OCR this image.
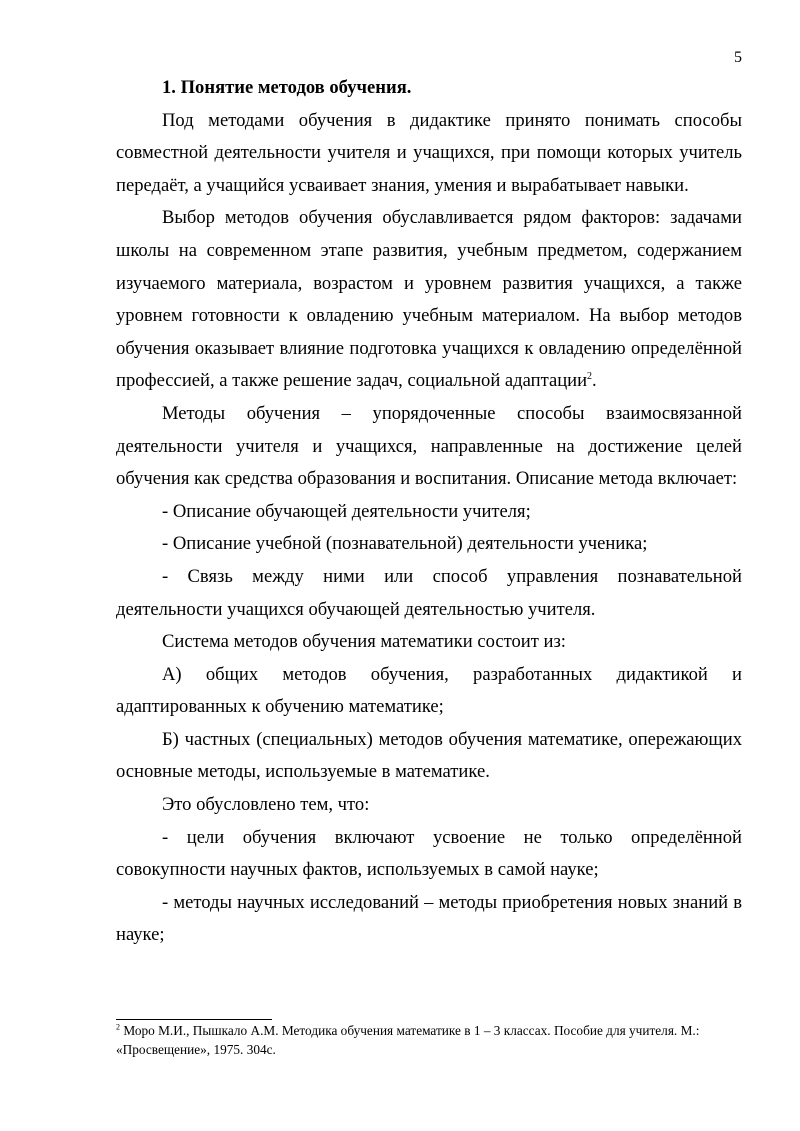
5

1. Понятие методов обучения.

Под методами обучения в дидактике принято понимать способы совместной деятельности учителя и учащихся, при помощи которых учитель передаёт, а учащийся усваивает знания, умения и вырабатывает навыки.

Выбор методов обучения обуславливается рядом факторов: задачами школы на современном этапе развития, учебным предметом, содержанием изучаемого материала, возрастом и уровнем развития учащихся, а также уровнем готовности к овладению учебным материалом. На выбор методов обучения оказывает влияние подготовка учащихся к овладению определённой профессией, а также решение задач, социальной адаптации$^2$.

Методы обучения – упорядоченные способы взаимосвязанной деятельности учителя и учащихся, направленные на достижение целей обучения как средства образования и воспитания. Описание метода включает:

- Описание обучающей деятельности учителя;

- Описание учебной (познавательной) деятельности ученика;

- Связь между ними или способ управления познавательной деятельности учащихся обучающей деятельностью учителя.

Система методов обучения математики состоит из:

А) общих методов обучения, разработанных дидактикой и адаптированных к обучению математике;

Б) частных (специальных) методов обучения математике, опережающих основные методы, используемые в математике.

Это обусловлено тем, что:

- цели обучения включают усвоение не только определённой совокупности научных фактов, используемых в самой науке;

- методы научных исследований – методы приобретения новых знаний в науке;

$^2$ Моро М.И., Пышкало А.М. Методика обучения математике в 1 – 3 классах. Пособие для учителя. М.: «Просвещение», 1975. 304с.
